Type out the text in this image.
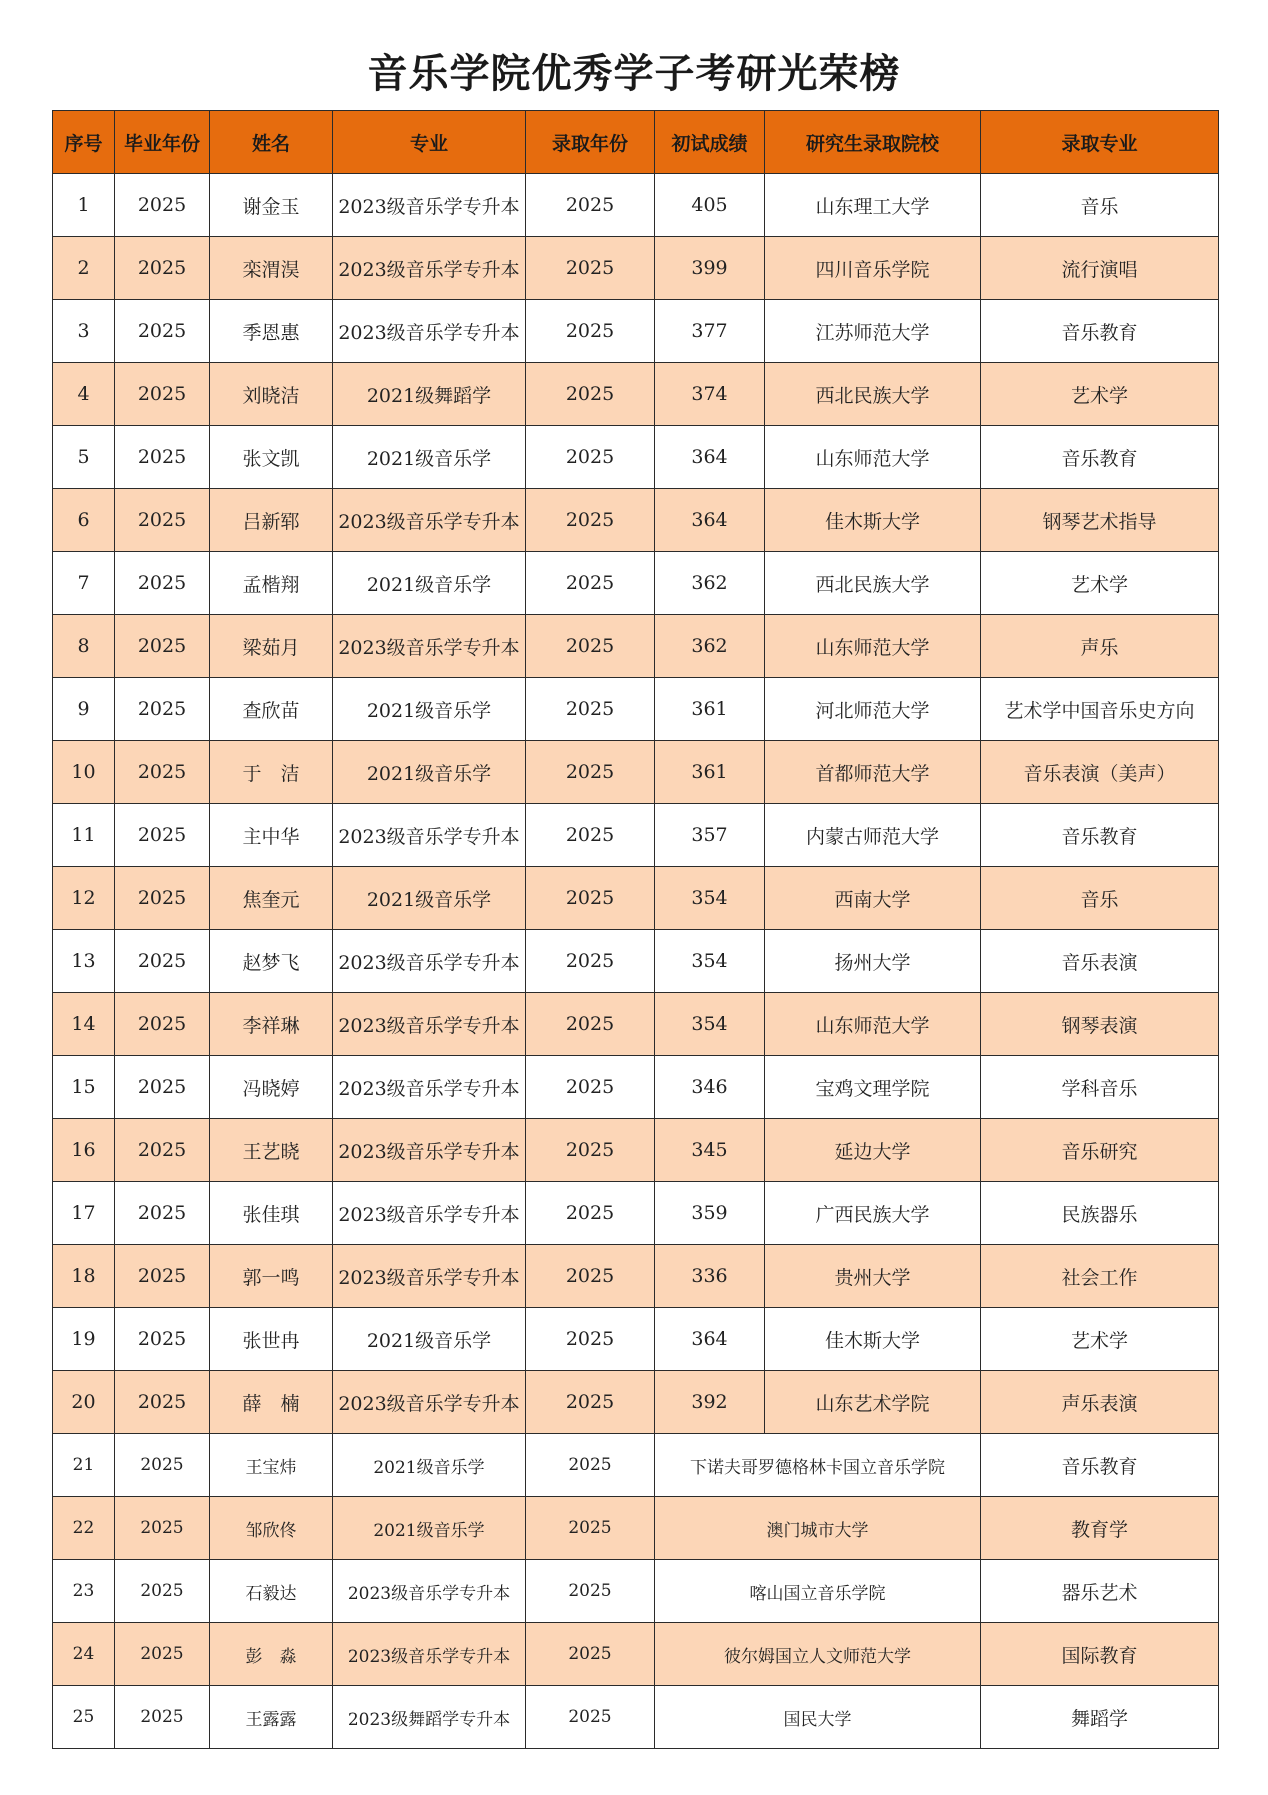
音乐学院优秀学子考研光荣榜
序号	毕业年份	姓名	专业	录取年份	初试成绩	研究生录取院校	录取专业
1	2025	谢金玉	2023级音乐学专升本	2025	405	山东理工大学	音乐
2	2025	栾渭淏	2023级音乐学专升本	2025	399	四川音乐学院	流行演唱
3	2025	季恩惠	2023级音乐学专升本	2025	377	江苏师范大学	音乐教育
4	2025	刘晓洁	2021级舞蹈学	2025	374	西北民族大学	艺术学
5	2025	张文凯	2021级音乐学	2025	364	山东师范大学	音乐教育
6	2025	吕新郓	2023级音乐学专升本	2025	364	佳木斯大学	钢琴艺术指导
7	2025	孟楷翔	2021级音乐学	2025	362	西北民族大学	艺术学
8	2025	梁茹月	2023级音乐学专升本	2025	362	山东师范大学	声乐
9	2025	查欣苗	2021级音乐学	2025	361	河北师范大学	艺术学中国音乐史方向
10	2025	于　洁	2021级音乐学	2025	361	首都师范大学	音乐表演（美声）
11	2025	主中华	2023级音乐学专升本	2025	357	内蒙古师范大学	音乐教育
12	2025	焦奎元	2021级音乐学	2025	354	西南大学	音乐
13	2025	赵梦飞	2023级音乐学专升本	2025	354	扬州大学	音乐表演
14	2025	李祥琳	2023级音乐学专升本	2025	354	山东师范大学	钢琴表演
15	2025	冯晓婷	2023级音乐学专升本	2025	346	宝鸡文理学院	学科音乐
16	2025	王艺晓	2023级音乐学专升本	2025	345	延边大学	音乐研究
17	2025	张佳琪	2023级音乐学专升本	2025	359	广西民族大学	民族器乐
18	2025	郭一鸣	2023级音乐学专升本	2025	336	贵州大学	社会工作
19	2025	张世冉	2021级音乐学	2025	364	佳木斯大学	艺术学
20	2025	薛　楠	2023级音乐学专升本	2025	392	山东艺术学院	声乐表演
21	2025	王宝炜	2021级音乐学	2025	下诺夫哥罗德格林卡国立音乐学院		音乐教育
22	2025	邹欣佟	2021级音乐学	2025	澳门城市大学		教育学
23	2025	石毅达	2023级音乐学专升本	2025	喀山国立音乐学院		器乐艺术
24	2025	彭　淼	2023级音乐学专升本	2025	彼尔姆国立人文师范大学		国际教育
25	2025	王露露	2023级舞蹈学专升本	2025	国民大学		舞蹈学
